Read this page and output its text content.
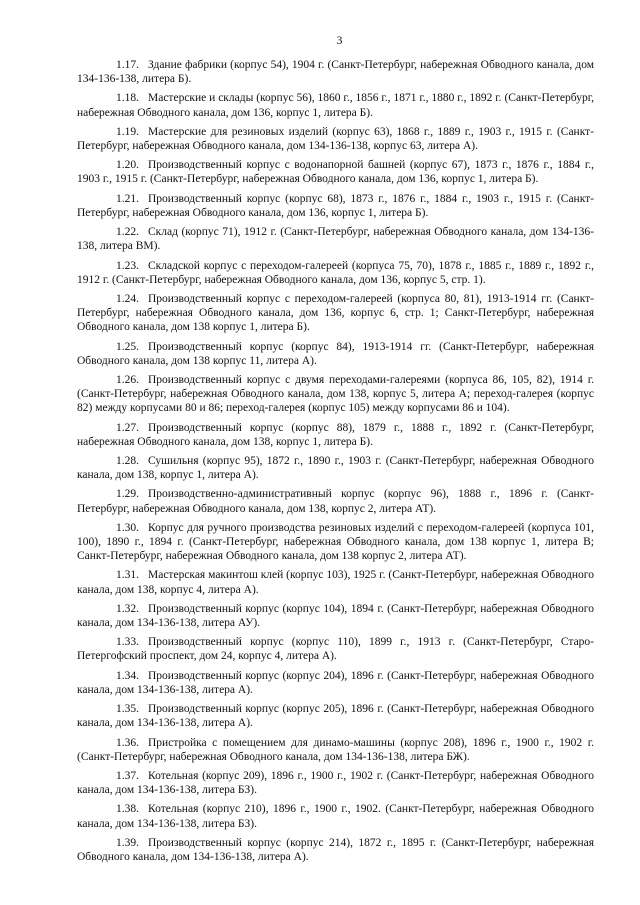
3

1.17. Здание фабрики (корпус 54), 1904 г. (Санкт-Петербург, набережная Обводного канала, дом 134-136-138, литера Б).

1.18. Мастерские и склады (корпус 56), 1860 г., 1856 г., 1871 г., 1880 г., 1892 г. (Санкт-Петербург, набережная Обводного канала, дом 136, корпус 1, литера Б).

1.19. Мастерские для резиновых изделий (корпус 63), 1868 г., 1889 г., 1903 г., 1915 г. (Санкт-Петербург, набережная Обводного канала, дом 134-136-138, корпус 63, литера А).

1.20. Производственный корпус с водонапорной башней (корпус 67), 1873 г., 1876 г., 1884 г., 1903 г., 1915 г. (Санкт-Петербург, набережная Обводного канала, дом 136, корпус 1, литера Б).

1.21. Производственный корпус (корпус 68), 1873 г., 1876 г., 1884 г., 1903 г., 1915 г. (Санкт-Петербург, набережная Обводного канала, дом 136, корпус 1, литера Б).

1.22. Склад (корпус 71), 1912 г. (Санкт-Петербург, набережная Обводного канала, дом 134-136-138, литера ВМ).

1.23. Складской корпус с переходом-галереей (корпуса 75, 70), 1878 г., 1885 г., 1889 г., 1892 г., 1912 г. (Санкт-Петербург, набережная Обводного канала, дом 136, корпус 5, стр. 1).

1.24. Производственный корпус с переходом-галереей (корпуса 80, 81), 1913-1914 гг. (Санкт-Петербург, набережная Обводного канала, дом 136, корпус 6, стр. 1; Санкт-Петербург, набережная Обводного канала, дом 138 корпус 1, литера Б).

1.25. Производственный корпус (корпус 84), 1913-1914 гг. (Санкт-Петербург, набережная Обводного канала, дом 138 корпус 11, литера А).

1.26. Производственный корпус с двумя переходами-галереями (корпуса 86, 105, 82), 1914 г. (Санкт-Петербург, набережная Обводного канала, дом 138, корпус 5, литера А; переход-галерея (корпус 82) между корпусами 80 и 86; переход-галерея (корпус 105) между корпусами 86 и 104).

1.27. Производственный корпус (корпус 88), 1879 г., 1888 г., 1892 г. (Санкт-Петербург, набережная Обводного канала, дом 138, корпус 1, литера Б).

1.28. Сушильня (корпус 95), 1872 г., 1890 г., 1903 г. (Санкт-Петербург, набережная Обводного канала, дом 138, корпус 1, литера А).

1.29. Производственно-административный корпус (корпус 96), 1888 г., 1896 г. (Санкт-Петербург, набережная Обводного канала, дом 138, корпус 2, литера АТ).

1.30. Корпус для ручного производства резиновых изделий с переходом-галереей (корпуса 101, 100), 1890 г., 1894 г. (Санкт-Петербург, набережная Обводного канала, дом 138 корпус 1, литера В; Санкт-Петербург, набережная Обводного канала, дом 138 корпус 2, литера АТ).

1.31. Мастерская макинтош клей (корпус 103), 1925 г. (Санкт-Петербург, набережная Обводного канала, дом 138, корпус 4, литера А).

1.32. Производственный корпус (корпус 104), 1894 г. (Санкт-Петербург, набережная Обводного канала, дом 134-136-138, литера АУ).

1.33. Производственный корпус (корпус 110), 1899 г., 1913 г. (Санкт-Петербург, Старо-Петергофский проспект, дом 24, корпус 4, литера А).

1.34. Производственный корпус (корпус 204), 1896 г. (Санкт-Петербург, набережная Обводного канала, дом 134-136-138, литера А).

1.35. Производственный корпус (корпус 205), 1896 г. (Санкт-Петербург, набережная Обводного канала, дом 134-136-138, литера А).

1.36. Пристройка с помещением для динамо-машины (корпус 208), 1896 г., 1900 г., 1902 г. (Санкт-Петербург, набережная Обводного канала, дом 134-136-138, литера БЖ).

1.37. Котельная (корпус 209), 1896 г., 1900 г., 1902 г. (Санкт-Петербург, набережная Обводного канала, дом 134-136-138, литера БЗ).

1.38. Котельная (корпус 210), 1896 г., 1900 г., 1902. (Санкт-Петербург, набережная Обводного канала, дом 134-136-138, литера БЗ).

1.39. Производственный корпус (корпус 214), 1872 г., 1895 г. (Санкт-Петербург, набережная Обводного канала, дом 134-136-138, литера А).
